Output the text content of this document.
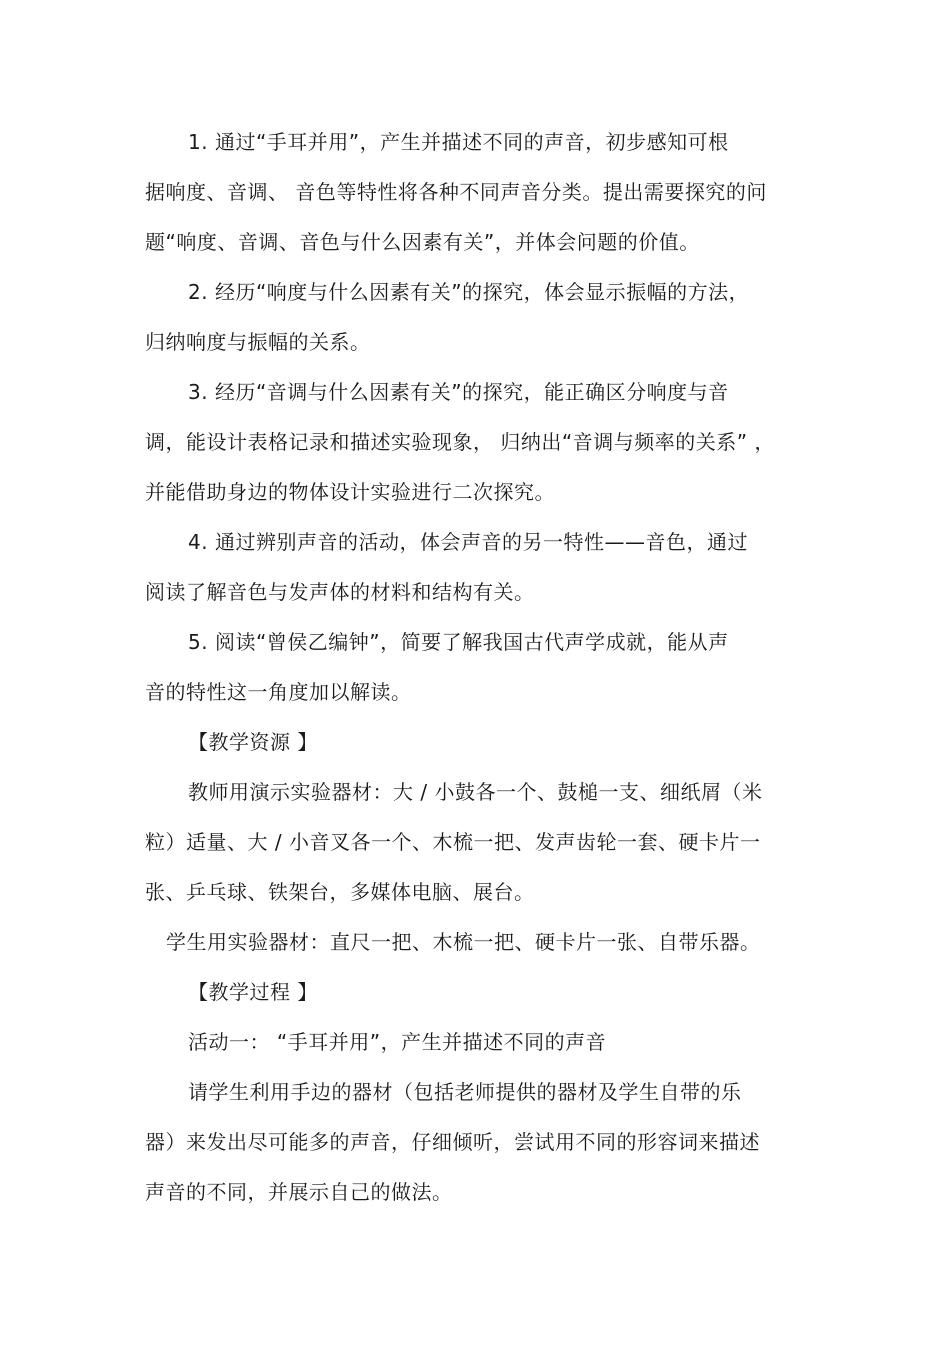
1. 通过“手耳并用”，产生并描述不同的声音，初步感知可根
据响度、音调、 音色等特性将各种不同声音分类。提出需要探究的问
题“响度、音调、音色与什么因素有关”，并体会问题的价值。
2. 经历“响度与什么因素有关”的探究，体会显示振幅的方法，
归纳响度与振幅的关系。
3. 经历“音调与什么因素有关”的探究，能正确区分响度与音
调，能设计表格记录和描述实验现象， 归纳出“音调与频率的关系” ，
并能借助身边的物体设计实验进行二次探究。
4. 通过辨别声音的活动，体会声音的另一特性——音色，通过
阅读了解音色与发声体的材料和结构有关。
5. 阅读“曾侯乙编钟”，简要了解我国古代声学成就，能从声
音的特性这一角度加以解读。
【教学资源 】
教师用演示实验器材：大 / 小鼓各一个、鼓槌一支、细纸屑（米
粒）适量、大 / 小音叉各一个、木梳一把、发声齿轮一套、硬卡片一
张、乒乓球、铁架台，多媒体电脑、展台。
学生用实验器材：直尺一把、木梳一把、硬卡片一张、自带乐器。
【教学过程 】
活动一： “手耳并用”，产生并描述不同的声音
请学生利用手边的器材（包括老师提供的器材及学生自带的乐
器）来发出尽可能多的声音，仔细倾听，尝试用不同的形容词来描述
声音的不同，并展示自己的做法。
